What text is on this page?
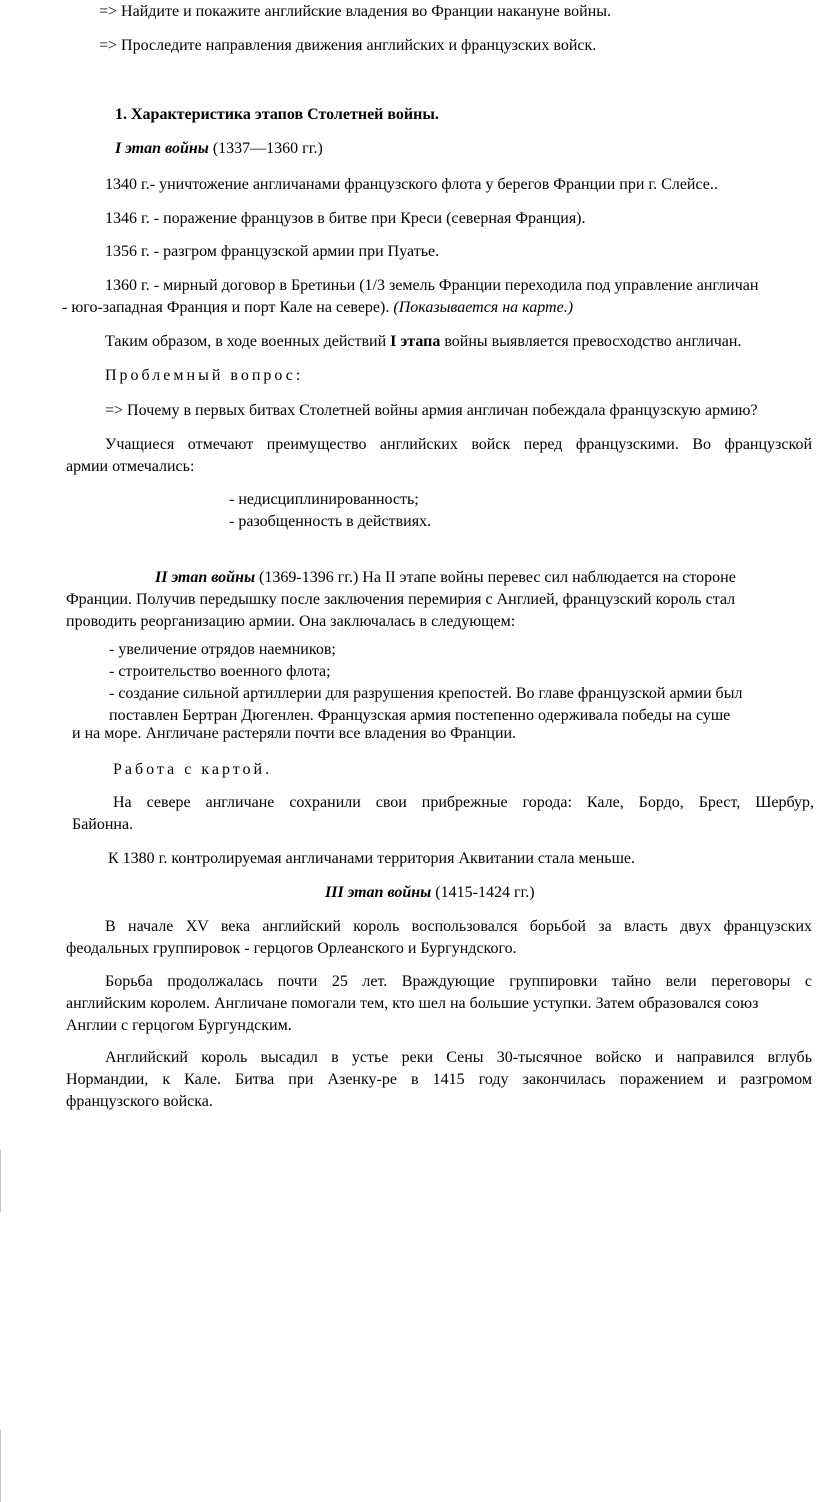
=> Найдите и покажите английские владения во Франции накануне войны.
=> Проследите направления движения английских и французских войск.
1. Характеристика этапов Столетней войны.
I этап войны (1337—1360 гг.)
1340 г.- уничтожение англичанами французского флота у берегов Франции при г. Слейсе..
1346 г. - поражение французов в битве при Креси (северная Франция).
1356 г. - разгром французской армии при Пуатье.
1360 г. - мирный договор в Бретиньи (1/3 земель Франции переходила под управление англичан
- юго-западная Франция и порт Кале на севере). (Показывается на карте.)
Таким образом, в ходе военных действий I этапа войны выявляется превосходство англичан.
Проблемный вопрос:
=> Почему в первых битвах Столетней войны армия англичан побеждала французскую армию?
Учащиеся отмечают преимущество английских войск перед французскими. Во французской
армии отмечались:
- недисциплинированность;
- разобщенность в действиях.
II этап войны (1369-1396 гг.) На II этапе войны перевес сил наблюдается на стороне
Франции. Получив передышку после заключения перемирия с Англией, французский король стал
проводить реорганизацию армии. Она заключалась в следующем:
- увеличение отрядов наемников;
- строительство военного флота;
- создание сильной артиллерии для разрушения крепостей. Во главе французской армии был
поставлен Бертран Дюгенлен. Французская армия постепенно одерживала победы на суше
и на море. Англичане растеряли почти все владения во Франции.
Работа с картой.
На севере англичане сохранили свои прибрежные города: Кале, Бордо, Брест, Шербур,
Байонна.
К 1380 г. контролируемая англичанами территория Аквитании стала меньше.
III этап войны (1415-1424 гг.)
В начале XV века английский король воспользовался борьбой за власть двух французских
феодальных группировок - герцогов Орлеанского и Бургундского.
Борьба продолжалась почти 25 лет. Враждующие группировки тайно вели переговоры с
английским королем. Англичане помогали тем, кто шел на большие уступки. Затем образовался союз
Англии с герцогом Бургундским.
Английский король высадил в устье реки Сены 30-тысячное войско и направился вглубь
Нормандии, к Кале. Битва при Азенку-ре в 1415 году закончилась поражением и разгромом
французского войска.
